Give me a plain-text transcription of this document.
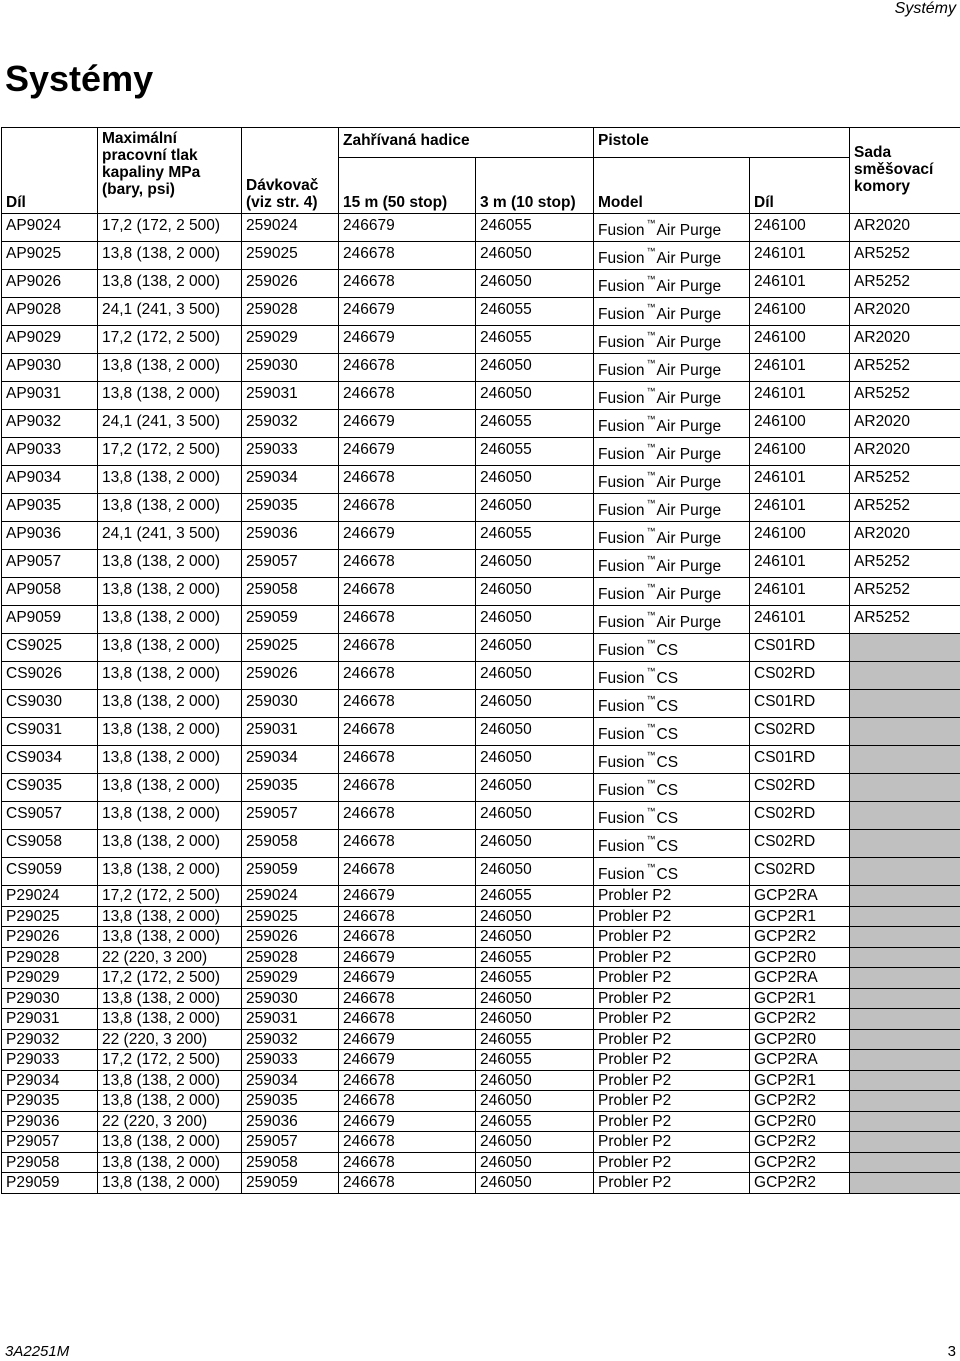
Systémy
Systémy
Díl	Maximální pracovní tlak kapaliny MPa (bary, psi)	Dávkovač (viz str. 4)	Zahřívaná hadice		Pistole		Sada směšovací komory
			15 m (50 stop)	3 m (10 stop)	Model	Díl	
AP9024	17,2 (172, 2 500)	259024	246679	246055	Fusion ™Air Purge	246100	AR2020
AP9025	13,8 (138, 2 000)	259025	246678	246050	Fusion ™Air Purge	246101	AR5252
AP9026	13,8 (138, 2 000)	259026	246678	246050	Fusion ™Air Purge	246101	AR5252
AP9028	24,1 (241, 3 500)	259028	246679	246055	Fusion ™Air Purge	246100	AR2020
AP9029	17,2 (172, 2 500)	259029	246679	246055	Fusion ™Air Purge	246100	AR2020
AP9030	13,8 (138, 2 000)	259030	246678	246050	Fusion ™Air Purge	246101	AR5252
AP9031	13,8 (138, 2 000)	259031	246678	246050	Fusion ™Air Purge	246101	AR5252
AP9032	24,1 (241, 3 500)	259032	246679	246055	Fusion ™Air Purge	246100	AR2020
AP9033	17,2 (172, 2 500)	259033	246679	246055	Fusion ™Air Purge	246100	AR2020
AP9034	13,8 (138, 2 000)	259034	246678	246050	Fusion ™Air Purge	246101	AR5252
AP9035	13,8 (138, 2 000)	259035	246678	246050	Fusion ™Air Purge	246101	AR5252
AP9036	24,1 (241, 3 500)	259036	246679	246055	Fusion ™Air Purge	246100	AR2020
AP9057	13,8 (138, 2 000)	259057	246678	246050	Fusion ™Air Purge	246101	AR5252
AP9058	13,8 (138, 2 000)	259058	246678	246050	Fusion ™Air Purge	246101	AR5252
AP9059	13,8 (138, 2 000)	259059	246678	246050	Fusion ™Air Purge	246101	AR5252
CS9025	13,8 (138, 2 000)	259025	246678	246050	Fusion ™CS	CS01RD	
CS9026	13,8 (138, 2 000)	259026	246678	246050	Fusion ™CS	CS02RD	
CS9030	13,8 (138, 2 000)	259030	246678	246050	Fusion ™CS	CS01RD	
CS9031	13,8 (138, 2 000)	259031	246678	246050	Fusion ™CS	CS02RD	
CS9034	13,8 (138, 2 000)	259034	246678	246050	Fusion ™CS	CS01RD	
CS9035	13,8 (138, 2 000)	259035	246678	246050	Fusion ™CS	CS02RD	
CS9057	13,8 (138, 2 000)	259057	246678	246050	Fusion ™CS	CS02RD	
CS9058	13,8 (138, 2 000)	259058	246678	246050	Fusion ™CS	CS02RD	
CS9059	13,8 (138, 2 000)	259059	246678	246050	Fusion ™CS	CS02RD	
P29024	17,2 (172, 2 500)	259024	246679	246055	Probler P2	GCP2RA	
P29025	13,8 (138, 2 000)	259025	246678	246050	Probler P2	GCP2R1	
P29026	13,8 (138, 2 000)	259026	246678	246050	Probler P2	GCP2R2	
P29028	22 (220, 3 200)	259028	246679	246055	Probler P2	GCP2R0	
P29029	17,2 (172, 2 500)	259029	246679	246055	Probler P2	GCP2RA	
P29030	13,8 (138, 2 000)	259030	246678	246050	Probler P2	GCP2R1	
P29031	13,8 (138, 2 000)	259031	246678	246050	Probler P2	GCP2R2	
P29032	22 (220, 3 200)	259032	246679	246055	Probler P2	GCP2R0	
P29033	17,2 (172, 2 500)	259033	246679	246055	Probler P2	GCP2RA	
P29034	13,8 (138, 2 000)	259034	246678	246050	Probler P2	GCP2R1	
P29035	13,8 (138, 2 000)	259035	246678	246050	Probler P2	GCP2R2	
P29036	22 (220, 3 200)	259036	246679	246055	Probler P2	GCP2R0	
P29057	13,8 (138, 2 000)	259057	246678	246050	Probler P2	GCP2R2	
P29058	13,8 (138, 2 000)	259058	246678	246050	Probler P2	GCP2R2	
P29059	13,8 (138, 2 000)	259059	246678	246050	Probler P2	GCP2R2	
3A2251M	3
